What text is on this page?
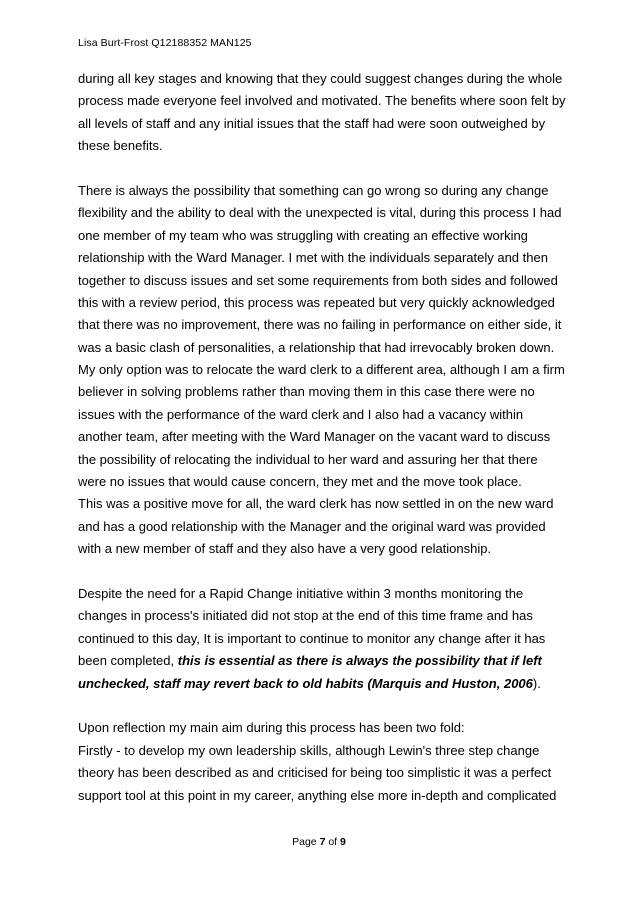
Lisa Burt-Frost Q12188352 MAN125
during all key stages and knowing that they could suggest changes during the whole
process made everyone feel involved and motivated. The benefits where soon felt by
all levels of staff and any initial issues that the staff had were soon outweighed by
these benefits.
There is always the possibility that something can go wrong so during any change
flexibility and the ability to deal with the unexpected is vital, during this process I had
one member of my team who was struggling with creating an effective working
relationship with the Ward Manager. I met with the individuals separately and then
together to discuss issues and set some requirements from both sides and followed
this with a review period, this process was repeated but very quickly acknowledged
that there was no improvement, there was no failing in performance on either side, it
was a basic clash of personalities, a relationship that had irrevocably broken down.
My only option was to relocate the ward clerk to a different area, although I am a firm
believer in solving problems rather than moving them in this case there were no
issues with the performance of the ward clerk and I also had a vacancy within
another team, after meeting with the Ward Manager on the vacant ward to discuss
the possibility of relocating the individual to her ward and assuring her that there
were no issues that would cause concern, they met and the move took place.
This was a positive move for all, the ward clerk has now settled in on the new ward
and has a good relationship with the Manager and the original ward was provided
with a new member of staff and they also have a very good relationship.
Despite the need for a Rapid Change initiative within 3 months monitoring the
changes in process's initiated did not stop at the end of this time frame and has
continued to this day, It is important to continue to monitor any change after it has
been completed, this is essential as there is always the possibility that if left
unchecked, staff may revert back to old habits (Marquis and Huston, 2006).
Upon reflection my main aim during this process has been two fold:
Firstly - to develop my own leadership skills, although Lewin's three step change
theory has been described as and criticised for being too simplistic it was a perfect
support tool at this point in my career, anything else more in-depth and complicated
Page 7 of 9
